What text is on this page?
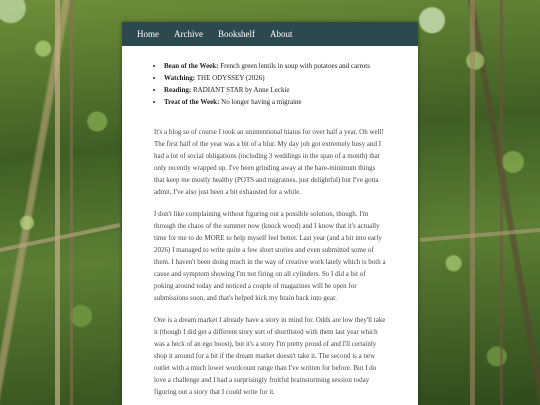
Home Archive Bookshelf About
• Bean of the Week: French green lentils in soup with potatoes and carrots
• Watching: THE ODYSSEY (2026)
• Reading: RADIANT STAR by Anne Leckie
• Treat of the Week: No longer having a migraine

It's a blog so of course I took an unintentional hiatus for over half a year. Oh well! The first half of the year was a bit of a blur. My day job got extremely busy and I had a lot of social obligations (including 3 weddings in the span of a month) that only recently wrapped up. I've been grinding away at the bare-minimum things that keep me mostly healthy (POTS and migraines, just delightful) but I've gotta admit, I've also just been a bit exhausted for a while.

I don't like complaining without figuring out a possible solution, though. I'm through the chaos of the summer now (knock wood) and I know that it's actually time for me to do MORE to help myself feel better. Last year (and a bit into early 2026) I managed to write quite a few short stories and even submitted some of them. I haven't been doing much in the way of creative work lately which is both a cause and symptom showing I'm not firing on all cylinders. So I did a bit of poking around today and noticed a couple of magazines will be open for submissions soon, and that's helped kick my brain back into gear.

One is a dream market I already have a story in mind for. Odds are low they'll take it (though I did get a different story sort of shortlisted with them last year which was a heck of an ego boost), but it's a story I'm pretty proud of and I'll certainly shop it around for a bit if the dream market doesn't take it. The second is a new outlet with a much lower wordcount range than I've written for before. But I do love a challenge and I had a surprisingly fruitful brainstorming session today figuring out a story that I could write for it.
